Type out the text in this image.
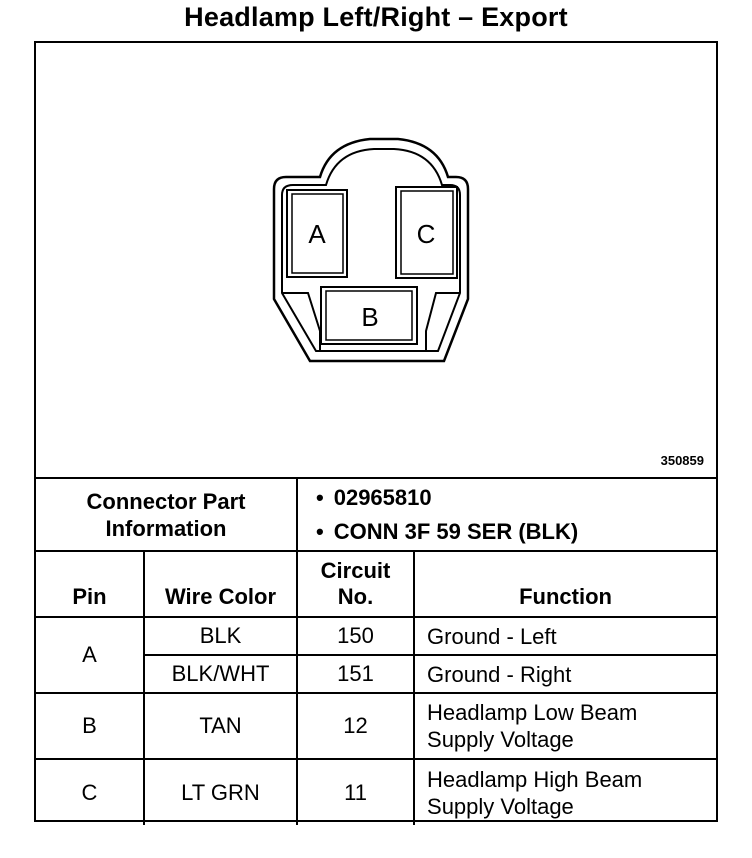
Headlamp Left/Right – Export
A	C
B
350859
Connector Part Information		• 02965810
• CONN 3F 59 SER (BLK)

Pin	Wire Color	Circuit No.	Function
A	BLK	150	Ground - Left
	BLK/WHT	151	Ground - Right
B	TAN	12	Headlamp Low Beam
Supply Voltage

C	LT GRN	11	Headlamp High Beam
Supply Voltage
